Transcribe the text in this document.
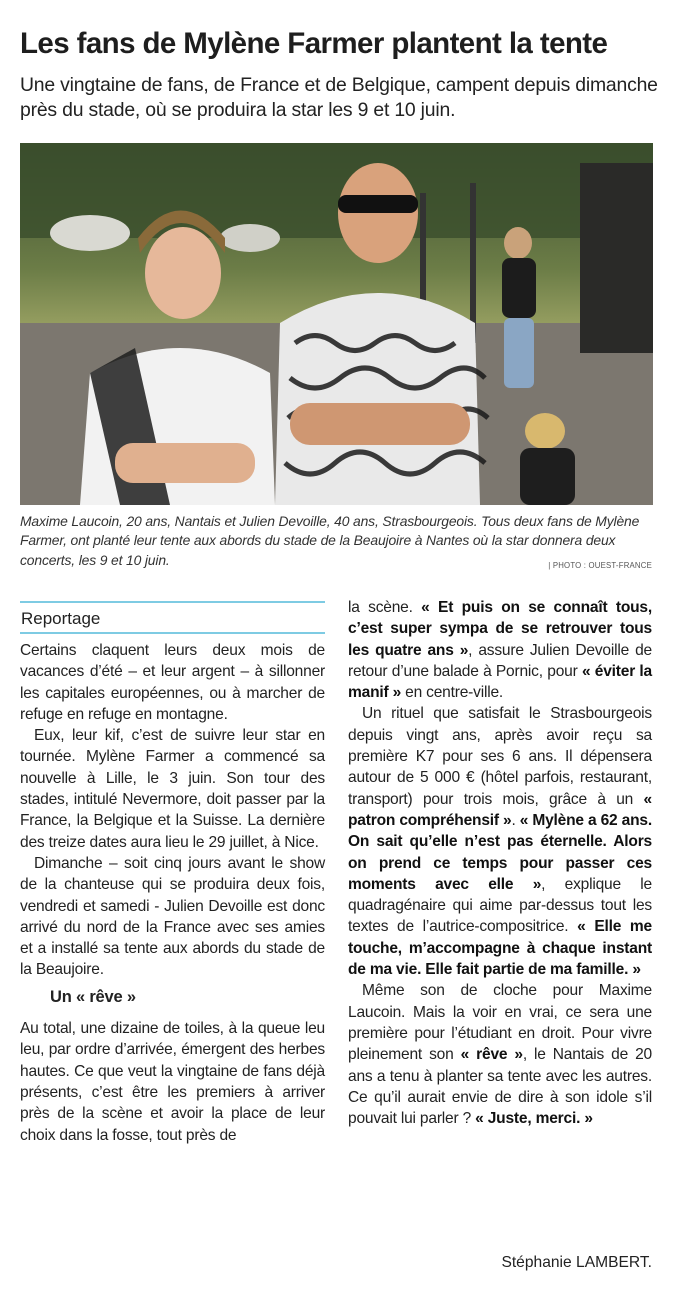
Les fans de Mylène Farmer plantent la tente

Une vingtaine de fans, de France et de Belgique, campent depuis dimanche près du stade, où se produira la star les 9 et 10 juin.

Maxime Laucoin, 20 ans, Nantais et Julien Devoille, 40 ans, Strasbourgeois. Tous deux fans de Mylène Farmer, ont planté leur tente aux abords du stade de la Beaujoire à Nantes où la star donnera deux concerts, les 9 et 10 juin.	| PHOTO : OUEST-FRANCE
Reportage

Certains claquent leurs deux mois de vacances d’été – et leur argent – à sillonner les capitales européennes, ou à marcher de refuge en refuge en montagne.

Eux, leur kif, c’est de suivre leur star en tournée. Mylène Farmer a commencé sa nouvelle à Lille, le 3 juin. Son tour des stades, intitulé Nevermore, doit passer par la France, la Belgique et la Suisse. La dernière des treize dates aura lieu le 29 juillet, à Nice.

Dimanche – soit cinq jours avant le show de la chanteuse qui se produira deux fois, vendredi et samedi - Julien Devoille est donc arrivé du nord de la France avec ses amies et a installé sa tente aux abords du stade de la Beaujoire.

Un « rêve »

Au total, une dizaine de toiles, à la queue leu leu, par ordre d’arrivée, émergent des herbes hautes. Ce que veut la vingtaine de fans déjà présents, c’est être les premiers à arriver près de la scène et avoir la place de leur choix dans la fosse, tout près de

la scène. « Et puis on se connaît tous, c’est super sympa de se retrouver tous les quatre ans », assure Julien Devoille de retour d’une balade à Pornic, pour « éviter la manif » en centre-ville.

Un rituel que satisfait le Strasbourgeois depuis vingt ans, après avoir reçu sa première K7 pour ses 6 ans. Il dépensera autour de 5 000 € (hôtel parfois, restaurant, transport) pour trois mois, grâce à un « patron compréhensif ». « Mylène a 62 ans. On sait qu’elle n’est pas éternelle. Alors on prend ce temps pour passer ces moments avec elle », explique le quadragénaire qui aime par-dessus tout les textes de l’autrice-compositrice. « Elle me touche, m’accompagne à chaque instant de ma vie. Elle fait partie de ma famille. »

Même son de cloche pour Maxime Laucoin. Mais la voir en vrai, ce sera une première pour l’étudiant en droit. Pour vivre pleinement son « rêve », le Nantais de 20 ans a tenu à planter sa tente avec les autres. Ce qu’il aurait envie de dire à son idole s’il pouvait lui parler ? « Juste, merci. »

Stéphanie LAMBERT.
